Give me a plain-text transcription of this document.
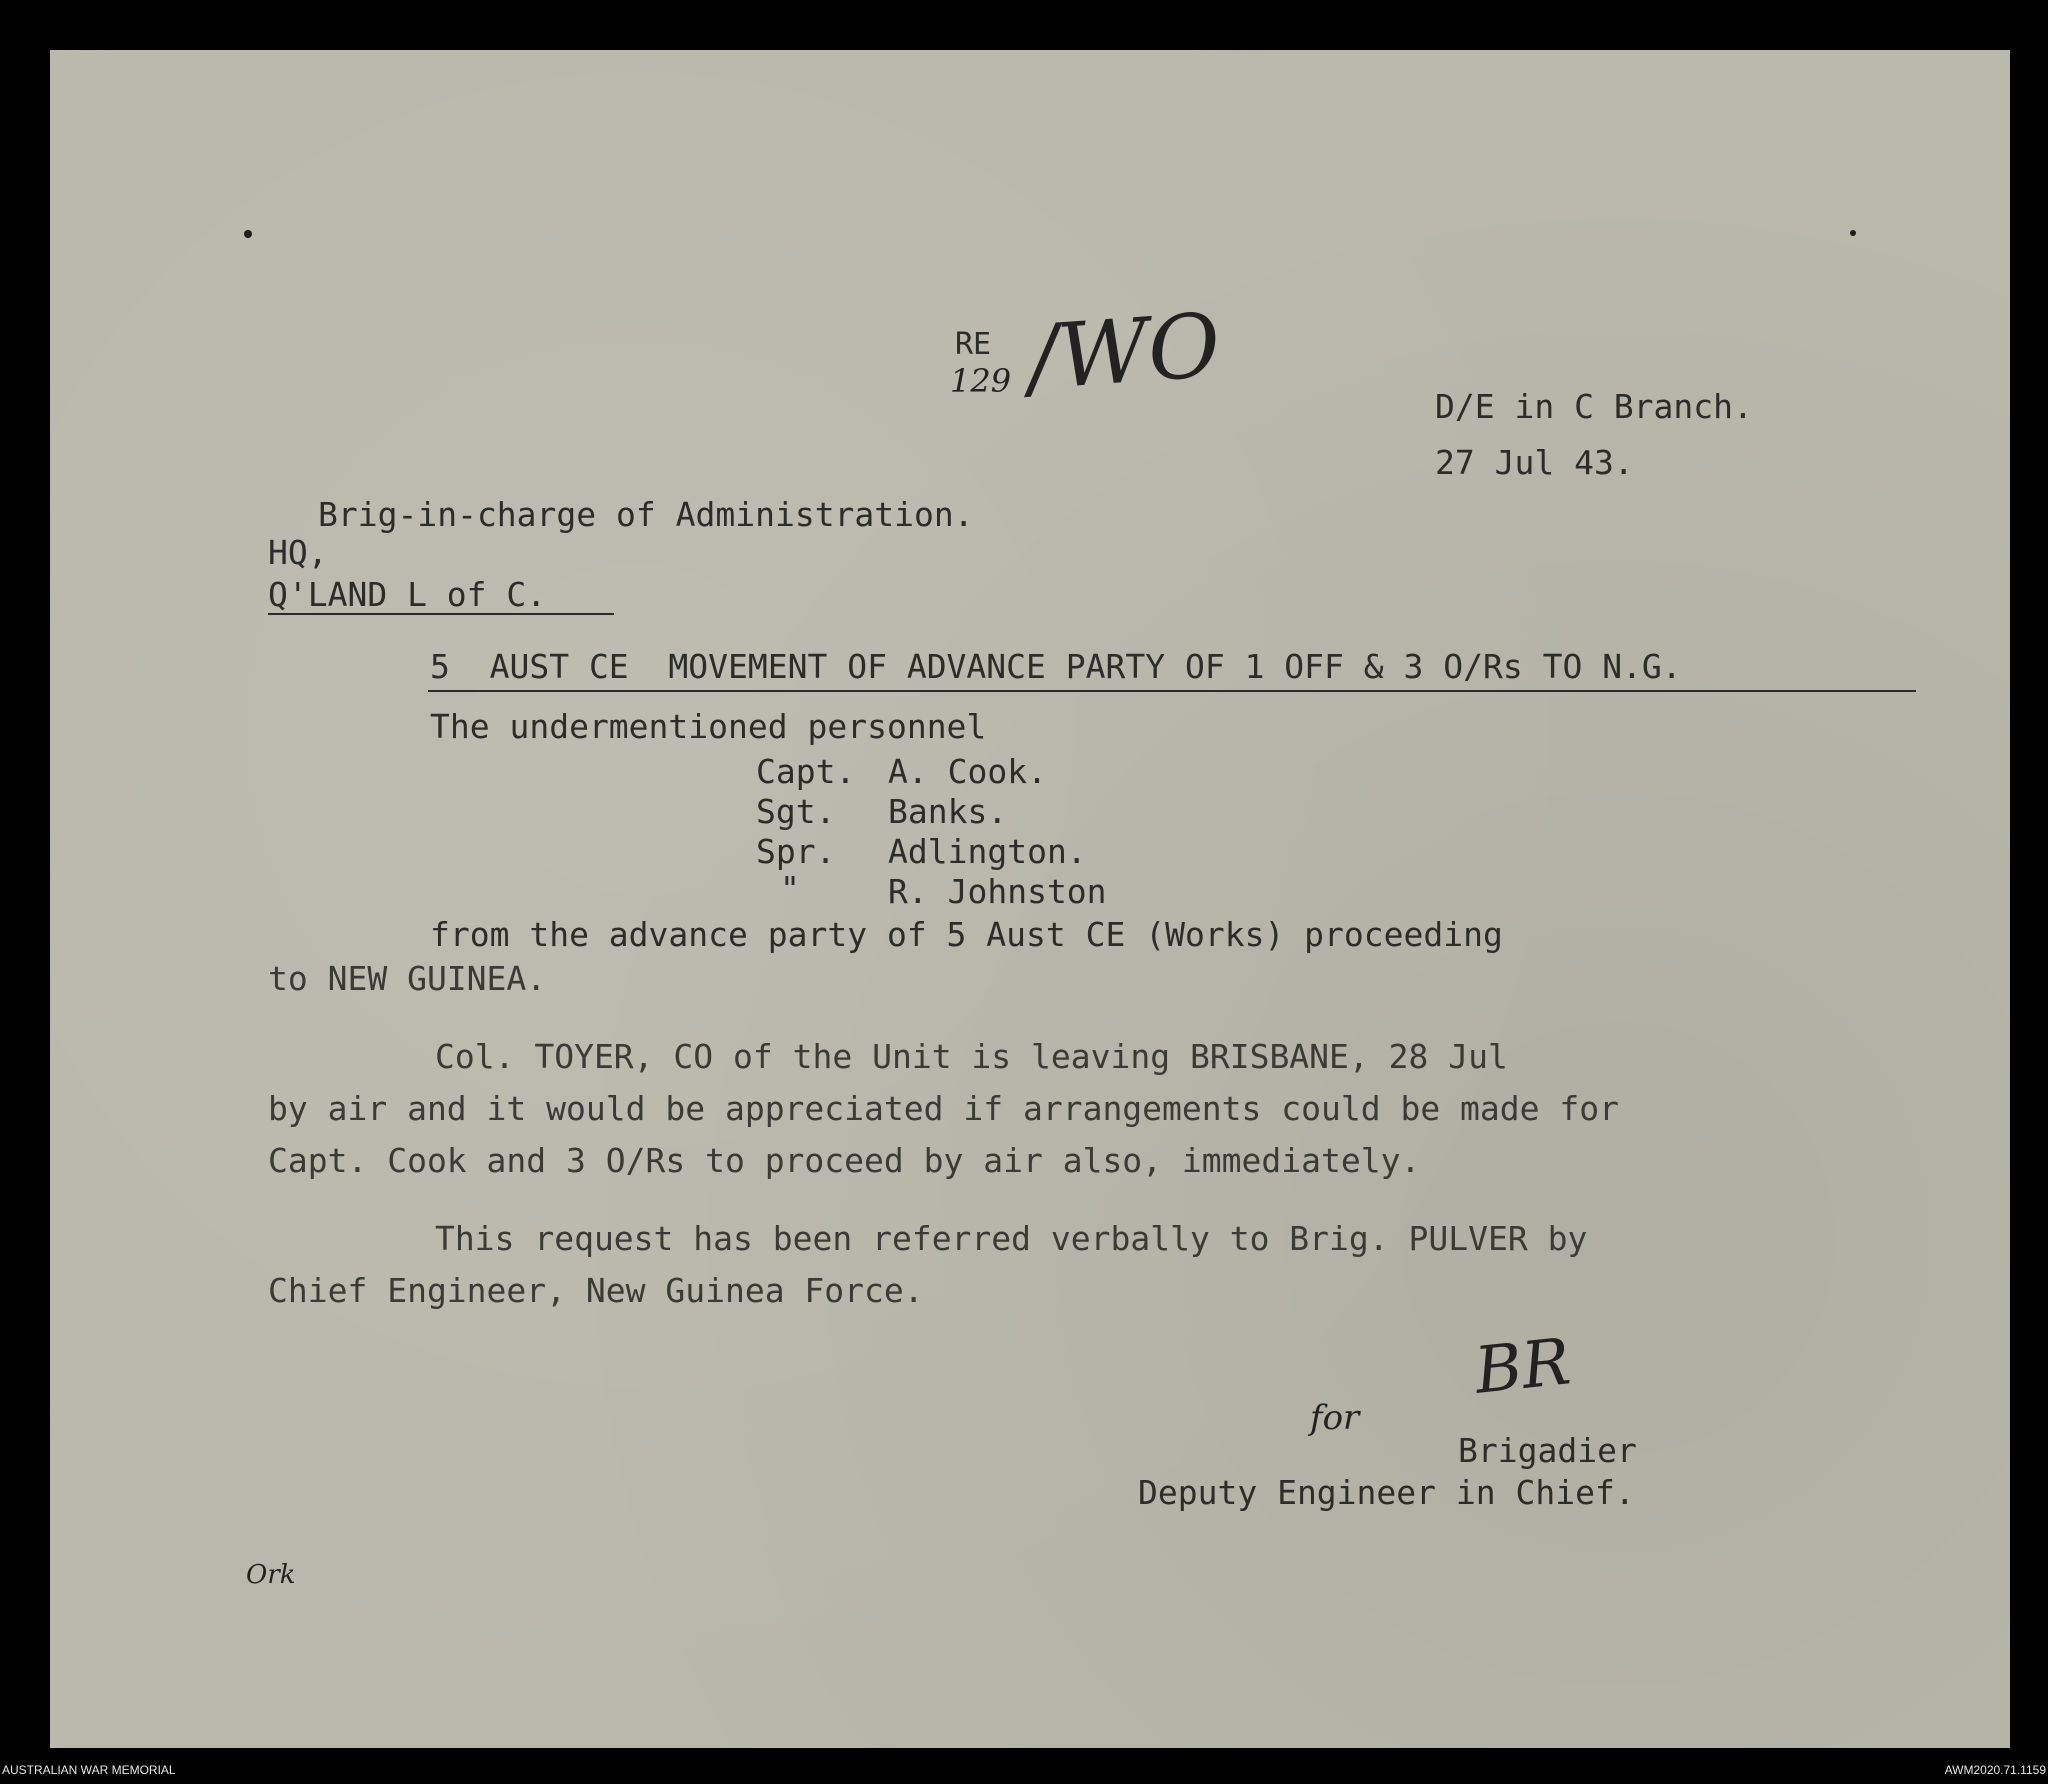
RE
129 /WO	D/E in C Branch.
27 Jul 43.
Brig-in-charge of Administration.
HQ,
Q'LAND L of C.
5  AUST CE  MOVEMENT OF ADVANCE PARTY OF 1 OFF & 3 O/Rs TO N.G.
The undermentioned personnel
Capt. A. Cook.
Sgt. Banks.
Spr. Adlington.
"	R. Johnston
from the advance party of 5 Aust CE (Works) proceeding
to NEW GUINEA.
Col. TOYER, CO of the Unit is leaving BRISBANE, 28 Jul
by air and it would be appreciated if arrangements could be made for
Capt. Cook and 3 O/Rs to proceed by air also, immediately.
This request has been referred verbally to Brig. PULVER by
Chief Engineer, New Guinea Force.
BR
for
Brigadier
Deputy Engineer in Chief.
Ork
AUSTRALIAN WAR MEMORIAL	AWM2020.71.1159
